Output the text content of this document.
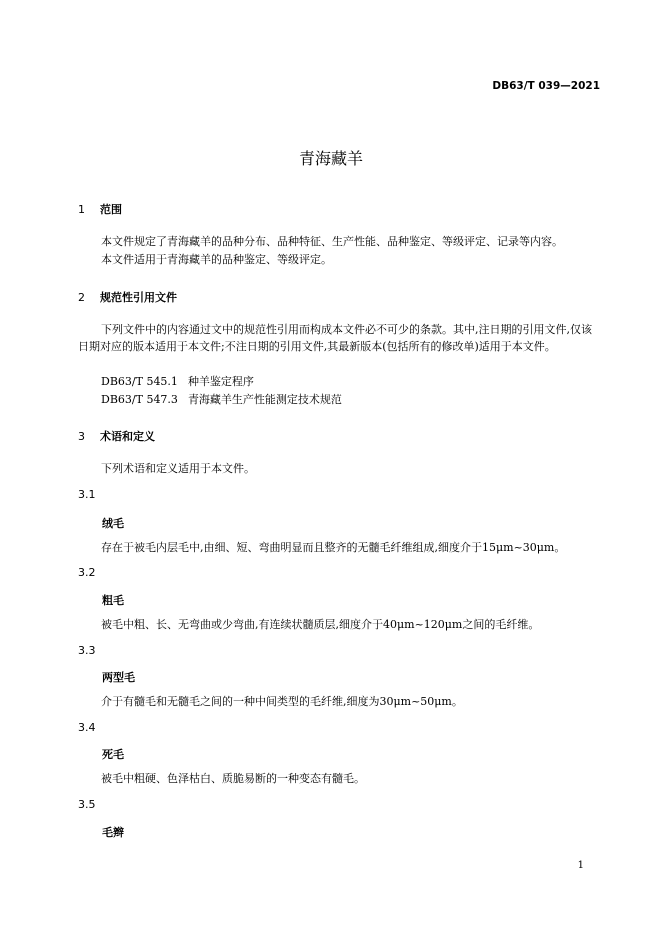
DB63/T 039—2021
青海藏羊
1 范围
本文件规定了青海藏羊的品种分布、品种特征、生产性能、品种鉴定、等级评定、记录等内容。
本文件适用于青海藏羊的品种鉴定、等级评定。
2 规范性引用文件
下列文件中的内容通过文中的规范性引用而构成本文件必不可少的条款。其中,注日期的引用文件,仅该日期对应的版本适用于本文件;不注日期的引用文件,其最新版本(包括所有的修改单)适用于本文件。
DB63/T 545.1 种羊鉴定程序
DB63/T 547.3 青海藏羊生产性能测定技术规范
3 术语和定义
下列术语和定义适用于本文件。
3.1
绒毛
存在于被毛内层毛中,由细、短、弯曲明显而且整齐的无髓毛纤维组成,细度介于15μm~30μm。
3.2
粗毛
被毛中粗、长、无弯曲或少弯曲,有连续状髓质层,细度介于40μm~120μm之间的毛纤维。
3.3
两型毛
介于有髓毛和无髓毛之间的一种中间类型的毛纤维,细度为30μm~50μm。
3.4
死毛
被毛中粗硬、色泽枯白、质脆易断的一种变态有髓毛。
3.5
毛辫
1
